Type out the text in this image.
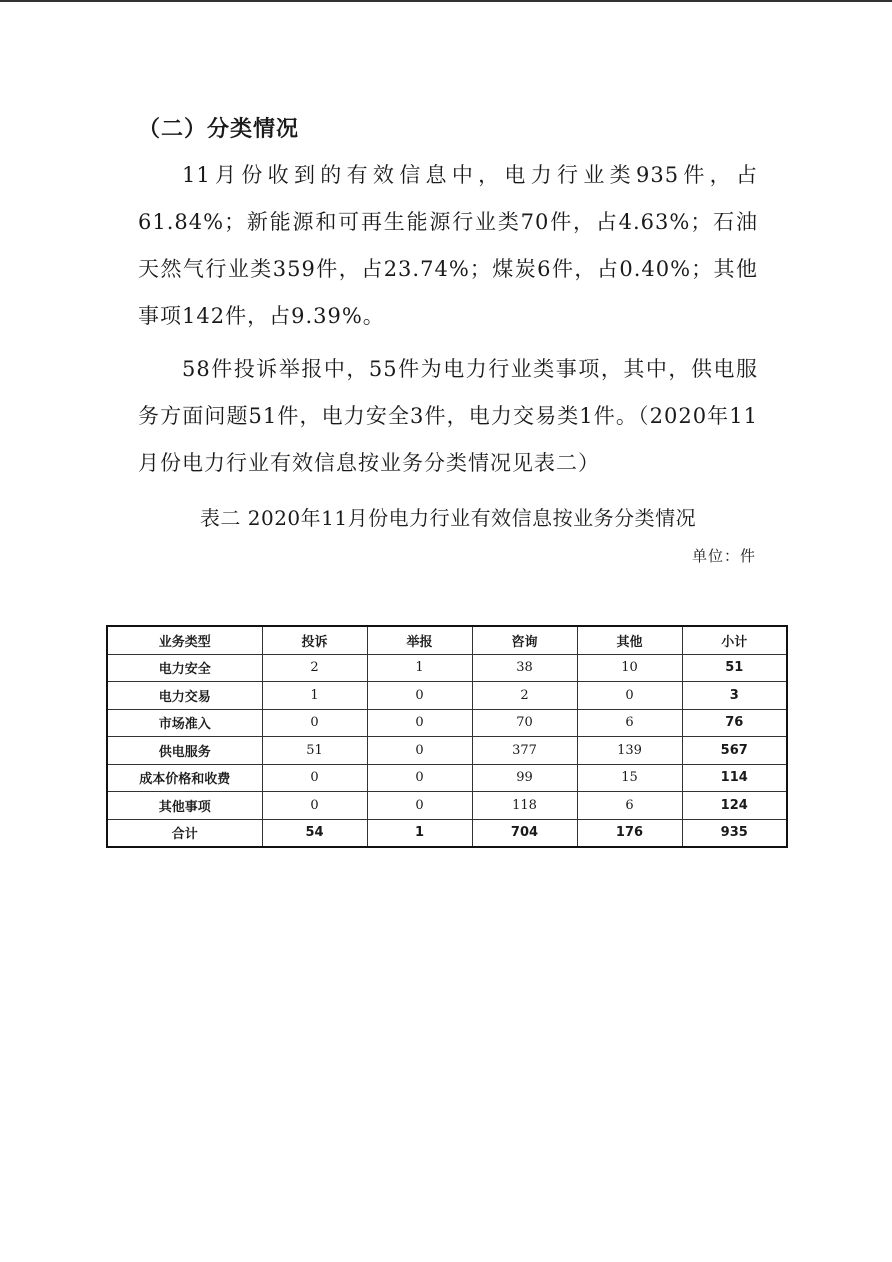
（二）分类情况

11月份收到的有效信息中，电力行业类935件，占61.84%；新能源和可再生能源行业类70件，占4.63%；石油天然气行业类359件，占23.74%；煤炭6件，占0.40%；其他事项142件，占9.39%。

58件投诉举报中，55件为电力行业类事项，其中，供电服务方面问题51件，电力安全3件，电力交易类1件。（2020年11月份电力行业有效信息按业务分类情况见表二）

表二 2020年11月份电力行业有效信息按业务分类情况

单位：件
业务类型	投诉	举报	咨询	其他	小计
电力安全	2	1	38	10	51
电力交易	1	0	2	0	3
市场准入	0	0	70	6	76
供电服务	51	0	377	139	567
成本价格和收费	0	0	99	15	114
其他事项	0	0	118	6	124
合计	54	1	704	176	935
